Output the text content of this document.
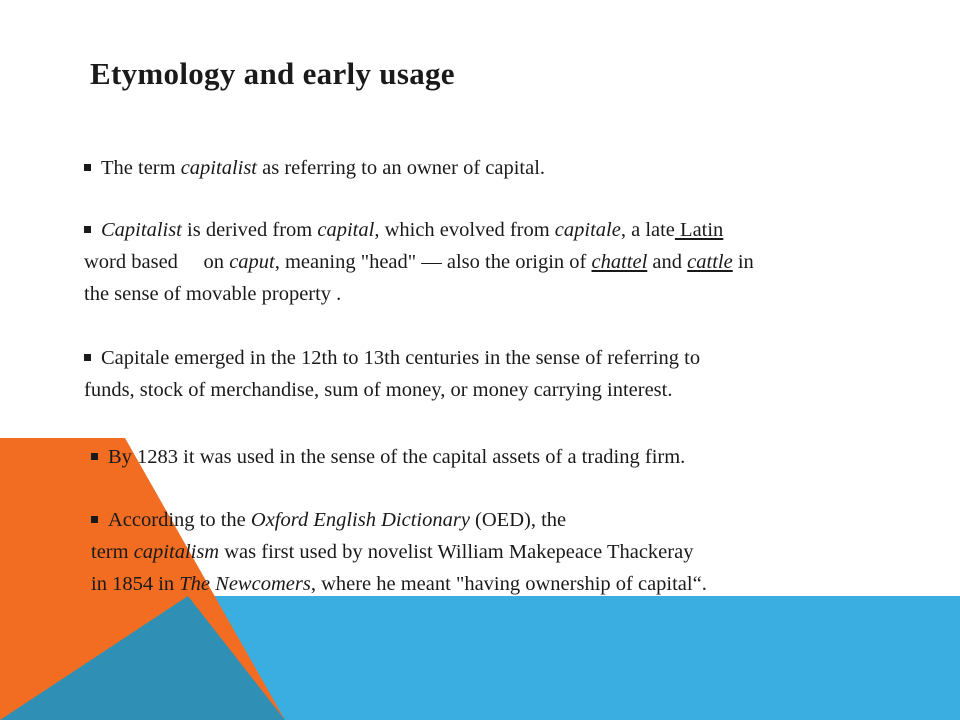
Etymology and early usage
The term capitalist as referring to an owner of capital.
Capitalist is derived from capital, which evolved from capitale, a late Latin
word based     on caput, meaning "head" — also the origin of chattel and cattle in
the sense of movable property .
Capitale emerged in the 12th to 13th centuries in the sense of referring to
funds, stock of merchandise, sum of money, or money carrying interest.
By 1283 it was used in the sense of the capital assets of a trading firm.
According to the Oxford English Dictionary (OED), the
term capitalism was first used by novelist William Makepeace Thackeray
in 1854 in The Newcomers, where he meant "having ownership of capital“.
